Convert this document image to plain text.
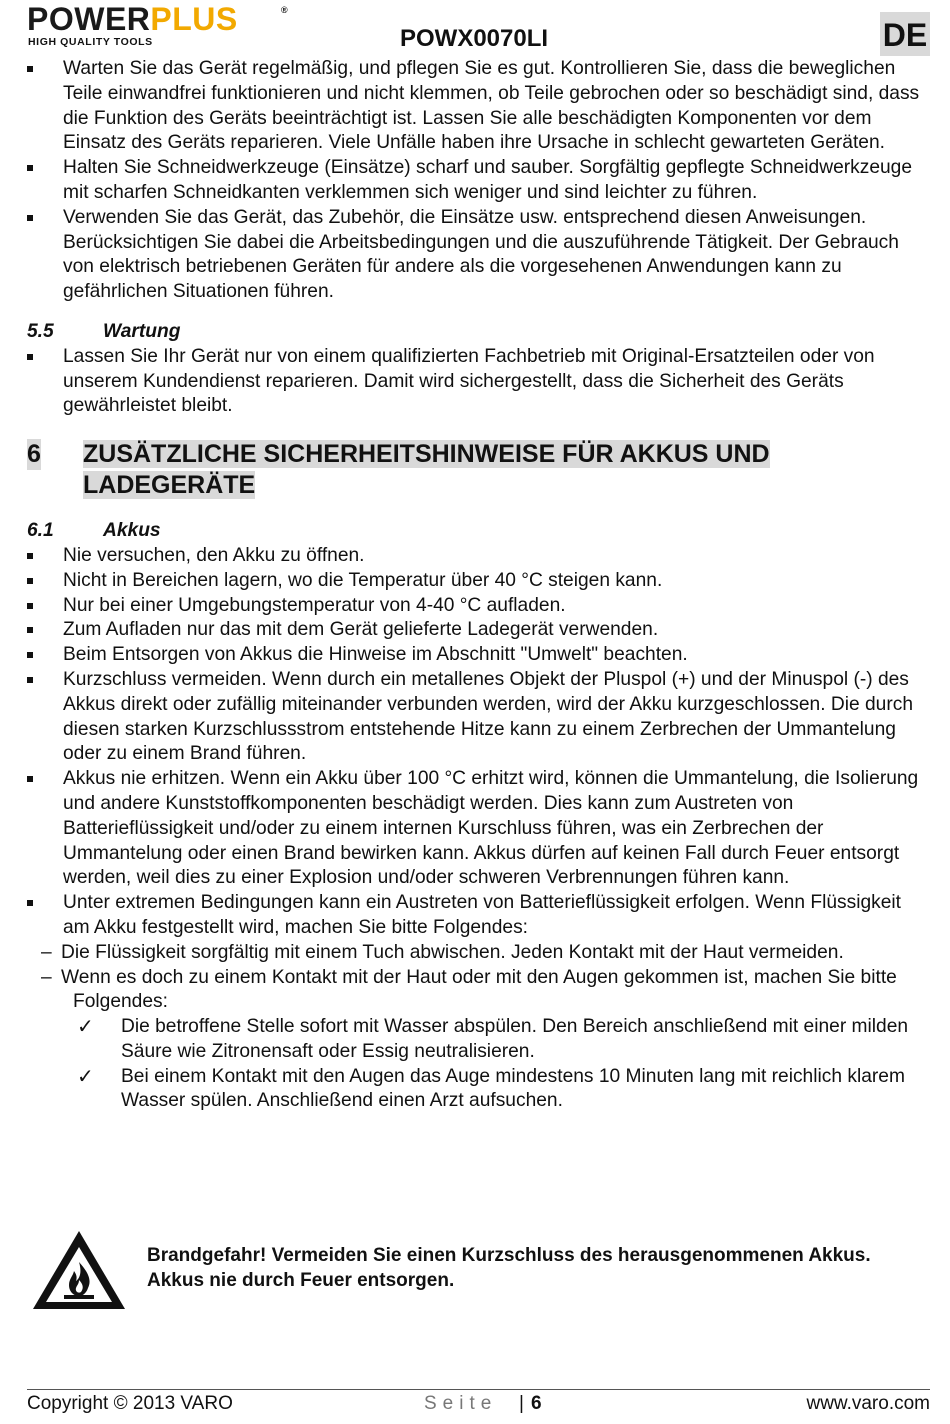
POWERPLUS	®
HIGH QUALITY TOOLS	POWX0070LI	DE
Warten Sie das Gerät regelmäßig, und pflegen Sie es gut. Kontrollieren Sie, dass die beweglichen Teile einwandfrei funktionieren und nicht klemmen, ob Teile gebrochen oder so beschädigt sind, dass die Funktion des Geräts beeinträchtigt ist. Lassen Sie alle beschädigten Komponenten vor dem Einsatz des Geräts reparieren. Viele Unfälle haben ihre Ursache in schlecht gewarteten Geräten.
Halten Sie Schneidwerkzeuge (Einsätze) scharf und sauber. Sorgfältig gepflegte Schneidwerkzeuge mit scharfen Schneidkanten verklemmen sich weniger und sind leichter zu führen.
Verwenden Sie das Gerät, das Zubehör, die Einsätze usw. entsprechend diesen Anweisungen. Berücksichtigen Sie dabei die Arbeitsbedingungen und die auszuführende Tätigkeit. Der Gebrauch von elektrisch betriebenen Geräten für andere als die vorgesehenen Anwendungen kann zu gefährlichen Situationen führen.
5.5	Wartung
Lassen Sie Ihr Gerät nur von einem qualifizierten Fachbetrieb mit Original-Ersatzteilen oder von unserem Kundendienst reparieren. Damit wird sichergestellt, dass die Sicherheit des Geräts gewährleistet bleibt.
6 ZUSÄTZLICHE SICHERHEITSHINWEISE FÜR AKKUS UND
LADEGERÄTE
6.1	Akkus
Nie versuchen, den Akku zu öffnen.
Nicht in Bereichen lagern, wo die Temperatur über 40 °C steigen kann.
Nur bei einer Umgebungstemperatur von 4-40 °C aufladen.
Zum Aufladen nur das mit dem Gerät gelieferte Ladegerät verwenden.
Beim Entsorgen von Akkus die Hinweise im Abschnitt "Umwelt" beachten.
Kurzschluss vermeiden. Wenn durch ein metallenes Objekt der Pluspol (+) und der Minuspol (-) des Akkus direkt oder zufällig miteinander verbunden werden, wird der Akku kurzgeschlossen. Die durch diesen starken Kurzschlussstrom entstehende Hitze kann zu einem Zerbrechen der Ummantelung oder zu einem Brand führen.
Akkus nie erhitzen. Wenn ein Akku über 100 °C erhitzt wird, können die Ummantelung, die Isolierung und andere Kunststoffkomponenten beschädigt werden. Dies kann zum Austreten von Batterieflüssigkeit und/oder zu einem internen Kurschluss führen, was ein Zerbrechen der Ummantelung oder einen Brand bewirken kann. Akkus dürfen auf keinen Fall durch Feuer entsorgt werden, weil dies zu einer Explosion und/oder schweren Verbrennungen führen kann.
Unter extremen Bedingungen kann ein Austreten von Batterieflüssigkeit erfolgen. Wenn Flüssigkeit am Akku festgestellt wird, machen Sie bitte Folgendes:
– Die Flüssigkeit sorgfältig mit einem Tuch abwischen. Jeden Kontakt mit der Haut vermeiden.
– Wenn es doch zu einem Kontakt mit der Haut oder mit den Augen gekommen ist, machen Sie bitte Folgendes:
✓ Die betroffene Stelle sofort mit Wasser abspülen. Den Bereich anschließend mit einer milden Säure wie Zitronensaft oder Essig neutralisieren.
✓ Bei einem Kontakt mit den Augen das Auge mindestens 10 Minuten lang mit reichlich klarem Wasser spülen. Anschließend einen Arzt aufsuchen.
Brandgefahr! Vermeiden Sie einen Kurzschluss des herausgenommenen Akkus. Akkus nie durch Feuer entsorgen.
Copyright © 2013 VARO	Seite | 6	www.varo.com
